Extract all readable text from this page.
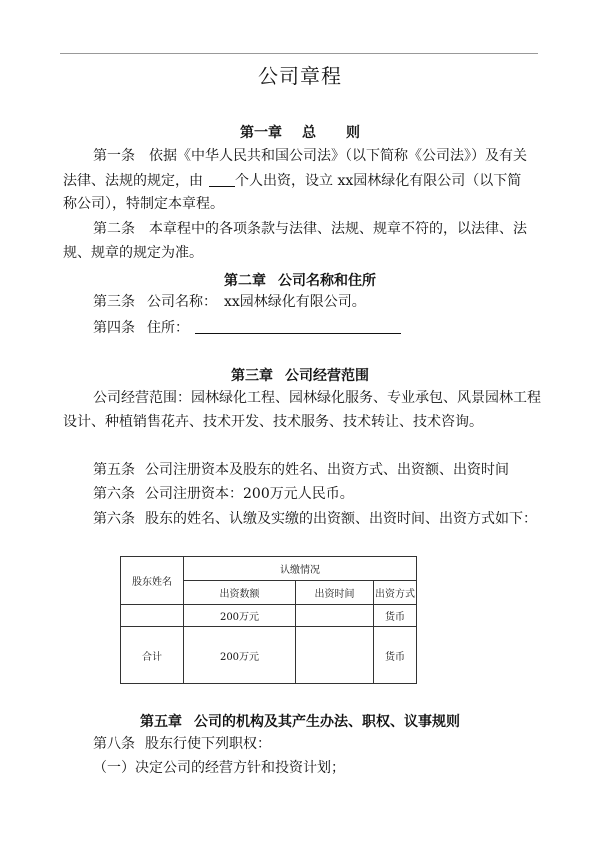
公司章程
第一章 总 则
第一条　依据《中华人民共和国公司法》（以下简称《公司法》）及有关
法律、法规的规定，由 个人出资，设立 xx园林绿化有限公司（以下简
称公司），特制定本章程。
第二条　本章程中的各项条款与法律、法规、规章不符的，以法律、法
规、规章的规定为准。
第二章 公司名称和住所
第三条 公司名称：　xx园林绿化有限公司。
第四条 住所：
第三章 公司经营范围
公司经营范围：园林绿化工程、园林绿化服务、专业承包、风景园林工程
设计、种植销售花卉、技术开发、技术服务、技术转让、技术咨询。
第五条 公司注册资本及股东的姓名、出资方式、出资额、出资时间
第六条 公司注册资本：200万元人民币。
第六条 股东的姓名、认缴及实缴的出资额、出资时间、出资方式如下：
股东姓名	认缴情况		
	出资数额	出资时间	出资方式
	200万元		货币
合计	200万元		货币
第五章 公司的机构及其产生办法、职权、议事规则
第八条 股东行使下列职权：
（一）决定公司的经营方针和投资计划；
